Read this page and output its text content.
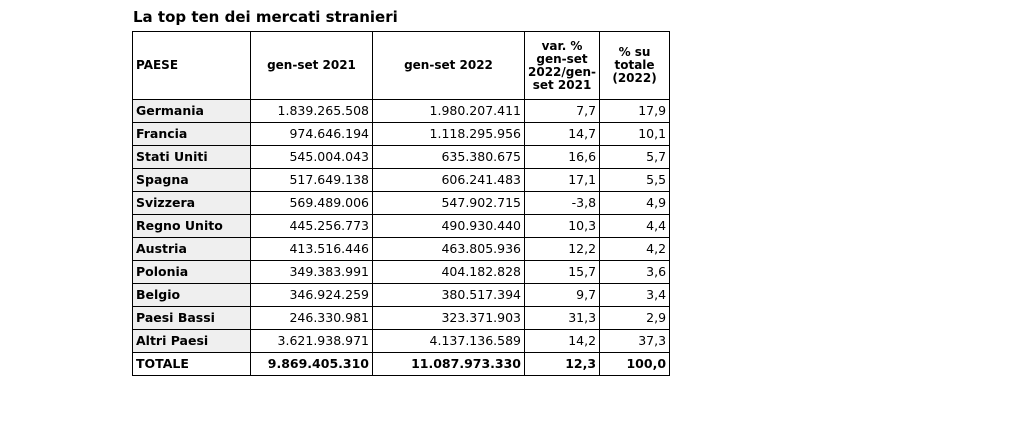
La top ten dei mercati stranieri
PAESE	gen-set 2021	gen-set 2022	var. % gen-set 2022/gen-set 2021	% su totale (2022)
Germania	1.839.265.508	1.980.207.411	7,7	17,9
Francia	974.646.194	1.118.295.956	14,7	10,1
Stati Uniti	545.004.043	635.380.675	16,6	5,7
Spagna	517.649.138	606.241.483	17,1	5,5
Svizzera	569.489.006	547.902.715	-3,8	4,9
Regno Unito	445.256.773	490.930.440	10,3	4,4
Austria	413.516.446	463.805.936	12,2	4,2
Polonia	349.383.991	404.182.828	15,7	3,6
Belgio	346.924.259	380.517.394	9,7	3,4
Paesi Bassi	246.330.981	323.371.903	31,3	2,9
Altri Paesi	3.621.938.971	4.137.136.589	14,2	37,3
TOTALE	9.869.405.310	11.087.973.330	12,3	100,0
